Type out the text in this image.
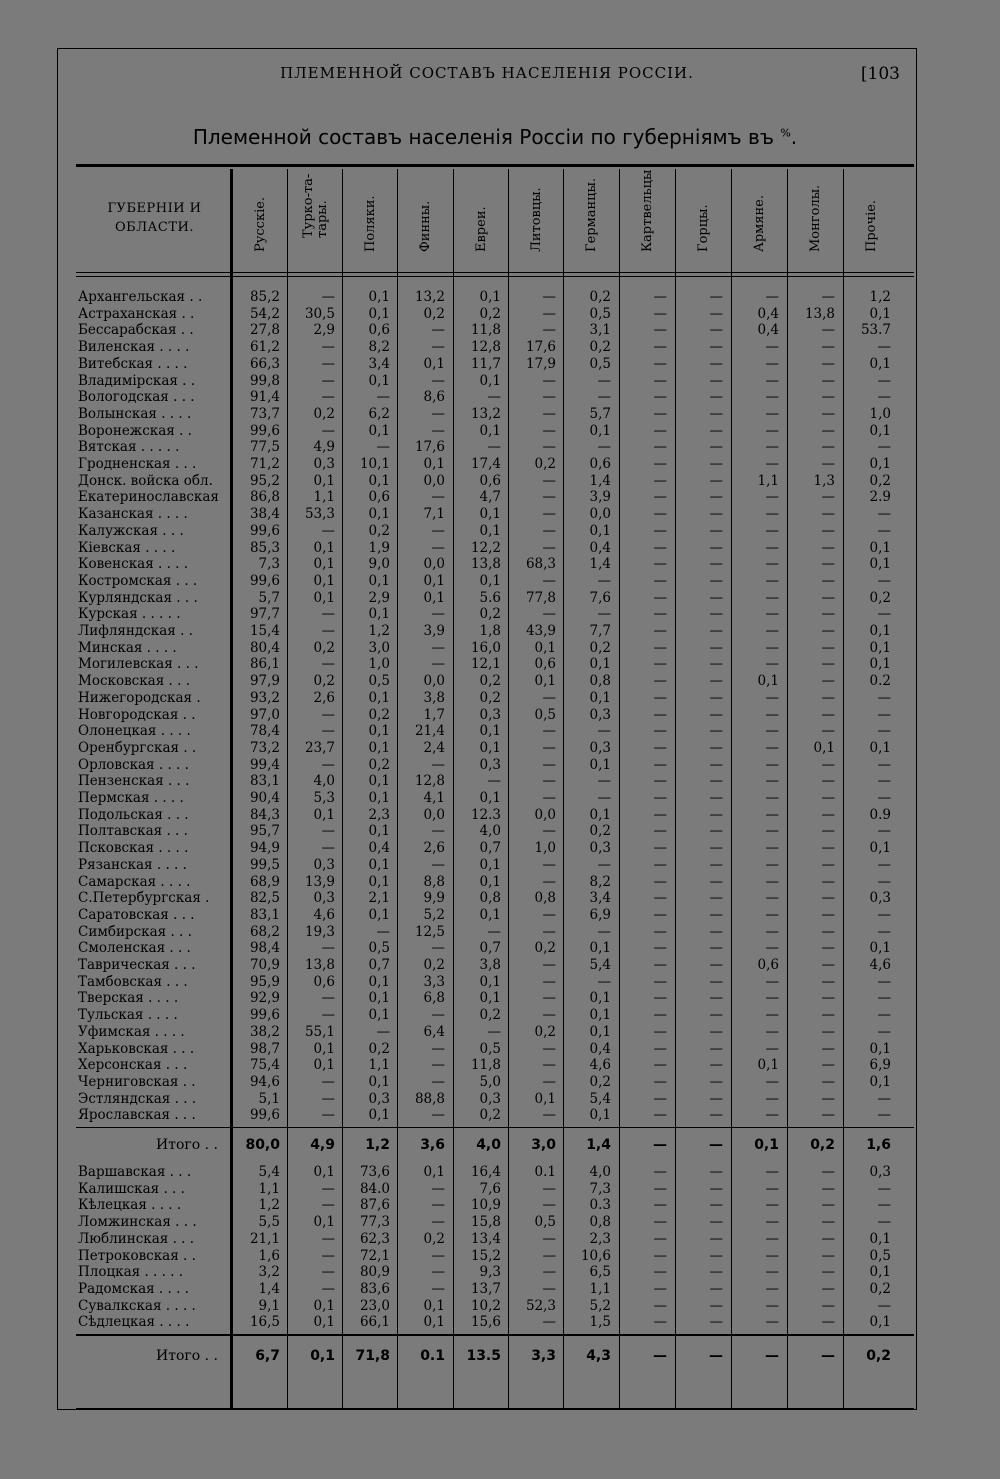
ПЛЕМЕННОЙ СОСТАВЪ НАСЕЛЕНІЯ РОССІИ.	[103
Племенной составъ населенія Россіи по губерніямъ въ %.
ГУБЕРНІИ И
ОБЛАСТИ.	Русскіе.	Турко-та-
тары.	Поляки.	Финны.	Евреи.	Литовцы.	Германцы.	Картвельцы	Горцы.	Армяне.	Монголы.	Прочіе.
Архангельская . .	85,2	—	0,1	13,2	0,1	—	0,2	—	—	—	—	1,2
Астраханская . .	54,2	30,5	0,1	0,2	0,2	—	0,5	—	—	0,4	13,8	0,1
Бессарабская . .	27,8	2,9	0,6	—	11,8	—	3,1	—	—	0,4	—	53.7
Виленская . . . .	61,2	—	8,2	—	12,8	17,6	0,2	—	—	—	—	—
Витебская . . . .	66,3	—	3,4	0,1	11,7	17,9	0,5	—	—	—	—	0,1
Владимірская . .	99,8	—	0,1	—	0,1	—	—	—	—	—	—	—
Вологодская . . .	91,4	—	—	8,6	—	—	—	—	—	—	—	—
Волынская . . . .	73,7	0,2	6,2	—	13,2	—	5,7	—	—	—	—	1,0
Воронежская . .	99,6	—	0,1	—	0,1	—	0,1	—	—	—	—	0,1
Вятская . . . . .	77,5	4,9	—	17,6	—	—	—	—	—	—	—	—
Гродненская . . .	71,2	0,3	10,1	0,1	17,4	0,2	0,6	—	—	—	—	0,1
Донск. войска обл.	95,2	0,1	0,1	0,0	0,6	—	1,4	—	—	1,1	1,3	0,2
Екатеринославская	86,8	1,1	0,6	—	4,7	—	3,9	—	—	—	—	2.9
Казанская . . . .	38,4	53,3	0,1	7,1	0,1	—	0,0	—	—	—	—	—
Калужская . . .	99,6	—	0,2	—	0,1	—	0,1	—	—	—	—	—
Кіевская . . . .	85,3	0,1	1,9	—	12,2	—	0,4	—	—	—	—	0,1
Ковенская . . . .	7,3	0,1	9,0	0,0	13,8	68,3	1,4	—	—	—	—	0,1
Костромская . . .	99,6	0,1	0,1	0,1	0,1	—	—	—	—	—	—	—
Курляндская . . .	5,7	0,1	2,9	0,1	5.6	77,8	7,6	—	—	—	—	0,2
Курская . . . . .	97,7	—	0,1	—	0,2	—	—	—	—	—	—	—
Лифляндская . .	15,4	—	1,2	3,9	1,8	43,9	7,7	—	—	—	—	0,1
Минская . . . .	80,4	0,2	3,0	—	16,0	0,1	0,2	—	—	—	—	0,1
Могилевская . . .	86,1	—	1,0	—	12,1	0,6	0,1	—	—	—	—	0,1
Московская . . .	97,9	0,2	0,5	0,0	0,2	0,1	0,8	—	—	0,1	—	0.2
Нижегородская .	93,2	2,6	0,1	3,8	0,2	—	0,1	—	—	—	—	—
Новгородская . .	97,0	—	0,2	1,7	0,3	0,5	0,3	—	—	—	—	—
Олонецкая . . . .	78,4	—	0,1	21,4	0,1	—	—	—	—	—	—	—
Оренбургская . .	73,2	23,7	0,1	2,4	0,1	—	0,3	—	—	—	0,1	0,1
Орловская . . . .	99,4	—	0,2	—	0,3	—	0,1	—	—	—	—	—
Пензенская . . .	83,1	4,0	0,1	12,8	—	—	—	—	—	—	—	—
Пермская . . . .	90,4	5,3	0,1	4,1	0,1	—	—	—	—	—	—	—
Подольская . . .	84,3	0,1	2,3	0,0	12.3	0,0	0,1	—	—	—	—	0.9
Полтавская . . .	95,7	—	0,1	—	4,0	—	0,2	—	—	—	—	—
Псковская . . . .	94,9	—	0,4	2,6	0,7	1,0	0,3	—	—	—	—	0,1
Рязанская . . . .	99,5	0,3	0,1	—	0,1	—	—	—	—	—	—	—
Самарская . . . .	68,9	13,9	0,1	8,8	0,1	—	8,2	—	—	—	—	—
С.Петербургская .	82,5	0,3	2,1	9,9	0,8	0,8	3,4	—	—	—	—	0,3
Саратовская . . .	83,1	4,6	0,1	5,2	0,1	—	6,9	—	—	—	—	—
Симбирская . . .	68,2	19,3	—	12,5	—	—	—	—	—	—	—	—
Смоленская . . .	98,4	—	0,5	—	0,7	0,2	0,1	—	—	—	—	0,1
Таврическая . . .	70,9	13,8	0,7	0,2	3,8	—	5,4	—	—	0,6	—	4,6
Тамбовская . . .	95,9	0,6	0,1	3,3	0,1	—	—	—	—	—	—	—
Тверская . . . .	92,9	—	0,1	6,8	0,1	—	0,1	—	—	—	—	—
Тульская . . . .	99,6	—	0,1	—	0,2	—	0,1	—	—	—	—	—
Уфимская . . . .	38,2	55,1	—	6,4	—	0,2	0,1	—	—	—	—	—
Харьковская . . .	98,7	0,1	0,2	—	0,5	—	0,4	—	—	—	—	0,1
Херсонская . . .	75,4	0,1	1,1	—	11,8	—	4,6	—	—	0,1	—	6,9
Черниговская . .	94,6	—	0,1	—	5,0	—	0,2	—	—	—	—	0,1
Эстляндская . . .	5,1	—	0,3	88,8	0,3	0,1	5,4	—	—	—	—	—
Ярославская . . .	99,6	—	0,1	—	0,2	—	0,1	—	—	—	—	—
Итого . .	80,0	4,9	1,2	3,6	4,0	3,0	1,4	—	—	0,1	0,2	1,6
Варшавская . . .	5,4	0,1	73,6	0,1	16,4	0.1	4,0	—	—	—	—	0,3
Калишская . . .	1,1	—	84.0	—	7,6	—	7,3	—	—	—	—	—
Кѣлецкая . . . .	1,2	—	87,6	—	10,9	—	0.3	—	—	—	—	—
Ломжинская . . .	5,5	0,1	77,3	—	15,8	0,5	0,8	—	—	—	—	—
Люблинская . . .	21,1	—	62,3	0,2	13,4	—	2,3	—	—	—	—	0,1
Петроковская . .	1,6	—	72,1	—	15,2	—	10,6	—	—	—	—	0,5
Плоцкая . . . . .	3,2	—	80,9	—	9,3	—	6,5	—	—	—	—	0,1
Радомская . . . .	1,4	—	83,6	—	13,7	—	1,1	—	—	—	—	0,2
Сувалкская . . . .	9,1	0,1	23,0	0,1	10,2	52,3	5,2	—	—	—	—	—
Сѣдлецкая . . . .	16,5	0,1	66,1	0,1	15,6	—	1,5	—	—	—	—	0,1
Итого . .	6,7	0,1	71,8	0.1	13.5	3,3	4,3	—	—	—	—	0,2
